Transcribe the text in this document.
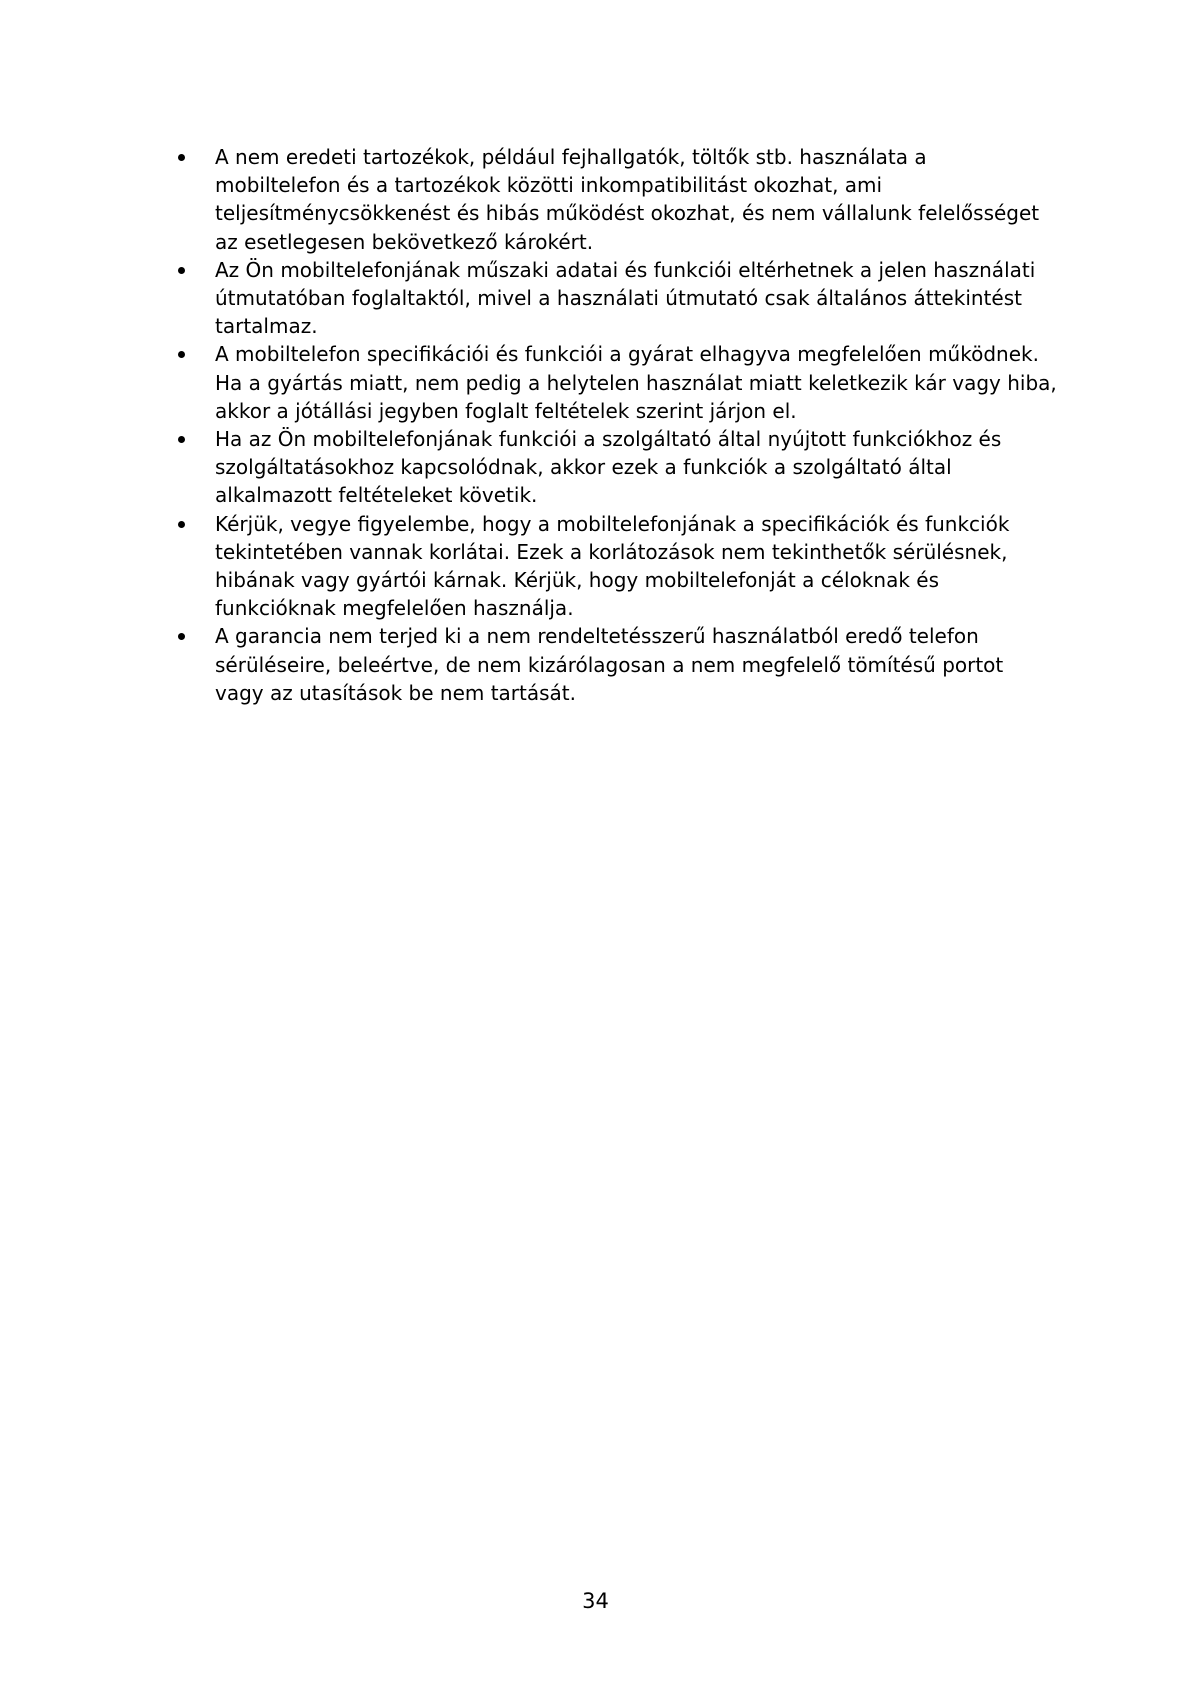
A nem eredeti tartozékok, például fejhallgatók, töltők stb. használata a
mobiltelefon és a tartozékok közötti inkompatibilitást okozhat, ami
teljesítménycsökkenést és hibás működést okozhat, és nem vállalunk felelősséget
az esetlegesen bekövetkező károkért.
Az Ön mobiltelefonjának műszaki adatai és funkciói eltérhetnek a jelen használati
útmutatóban foglaltaktól, mivel a használati útmutató csak általános áttekintést
tartalmaz.
A mobiltelefon specifikációi és funkciói a gyárat elhagyva megfelelően működnek.
Ha a gyártás miatt, nem pedig a helytelen használat miatt keletkezik kár vagy hiba,
akkor a jótállási jegyben foglalt feltételek szerint járjon el.
Ha az Ön mobiltelefonjának funkciói a szolgáltató által nyújtott funkciókhoz és
szolgáltatásokhoz kapcsolódnak, akkor ezek a funkciók a szolgáltató által
alkalmazott feltételeket követik.
Kérjük, vegye figyelembe, hogy a mobiltelefonjának a specifikációk és funkciók
tekintetében vannak korlátai. Ezek a korlátozások nem tekinthetők sérülésnek,
hibának vagy gyártói kárnak. Kérjük, hogy mobiltelefonját a céloknak és
funkcióknak megfelelően használja.
A garancia nem terjed ki a nem rendeltetésszerű használatból eredő telefon
sérüléseire, beleértve, de nem kizárólagosan a nem megfelelő tömítésű portot
vagy az utasítások be nem tartását.
34
